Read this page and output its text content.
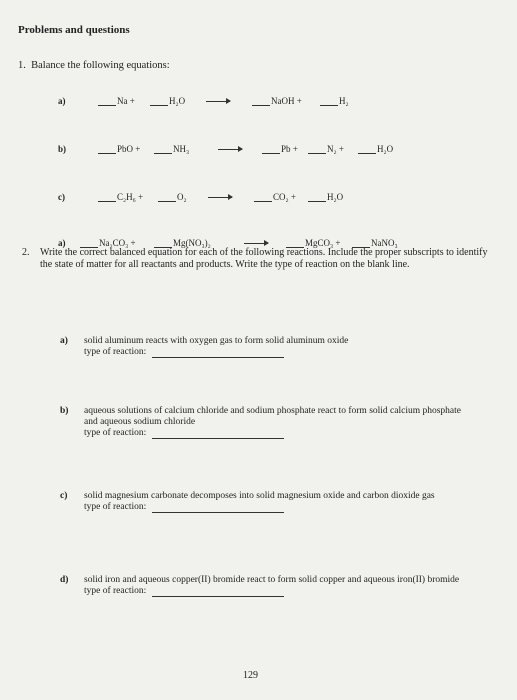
Problems and questions
1. Balance the following equations:
a)	Na +	H₂O	NaOH +	H₂
b)	PbO +	NH₃	Pb +	N₂ +	H₂O
c)	C₂H₆ +	O₂	CO₂ +	H₂O
a)	Na₂CO₃ +	Mg(NO₃)₂	MgCO₃ +	NaNO₃
2. Write the correct balanced equation for each of the following reactions. Include the proper subscripts to identify the state of matter for all reactants and products. Write the type of reaction on the blank line.
a) solid aluminum reacts with oxygen gas to form solid aluminum oxide
type of reaction:
b) aqueous solutions of calcium chloride and sodium phosphate react to form solid calcium phosphate and aqueous sodium chloride
type of reaction:
c) solid magnesium carbonate decomposes into solid magnesium oxide and carbon dioxide gas
type of reaction:
d) solid iron and aqueous copper(II) bromide react to form solid copper and aqueous iron(II) bromide
type of reaction:
129
